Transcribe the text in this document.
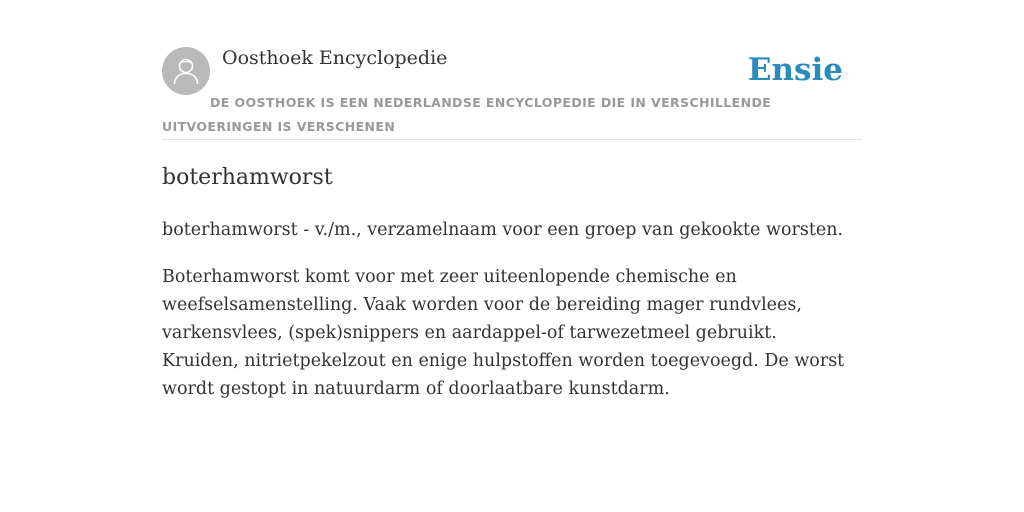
Oosthoek Encyclopedie	Ensie

DE OOSTHOEK IS EEN NEDERLANDSE ENCYCLOPEDIE DIE IN VERSCHILLENDE UITVOERINGEN IS VERSCHENEN

boterhamworst

boterhamworst - v./m., verzamelnaam voor een groep van gekookte worsten.

Boterhamworst komt voor met zeer uiteenlopende chemische en weefselsamenstelling. Vaak worden voor de bereiding mager rundvlees, varkensvlees, (spek)snippers en aardappel-of tarwezetmeel gebruikt. Kruiden, nitrietpekelzout en enige hulpstoffen worden toegevoegd. De worst wordt gestopt in natuurdarm of doorlaatbare kunstdarm.
